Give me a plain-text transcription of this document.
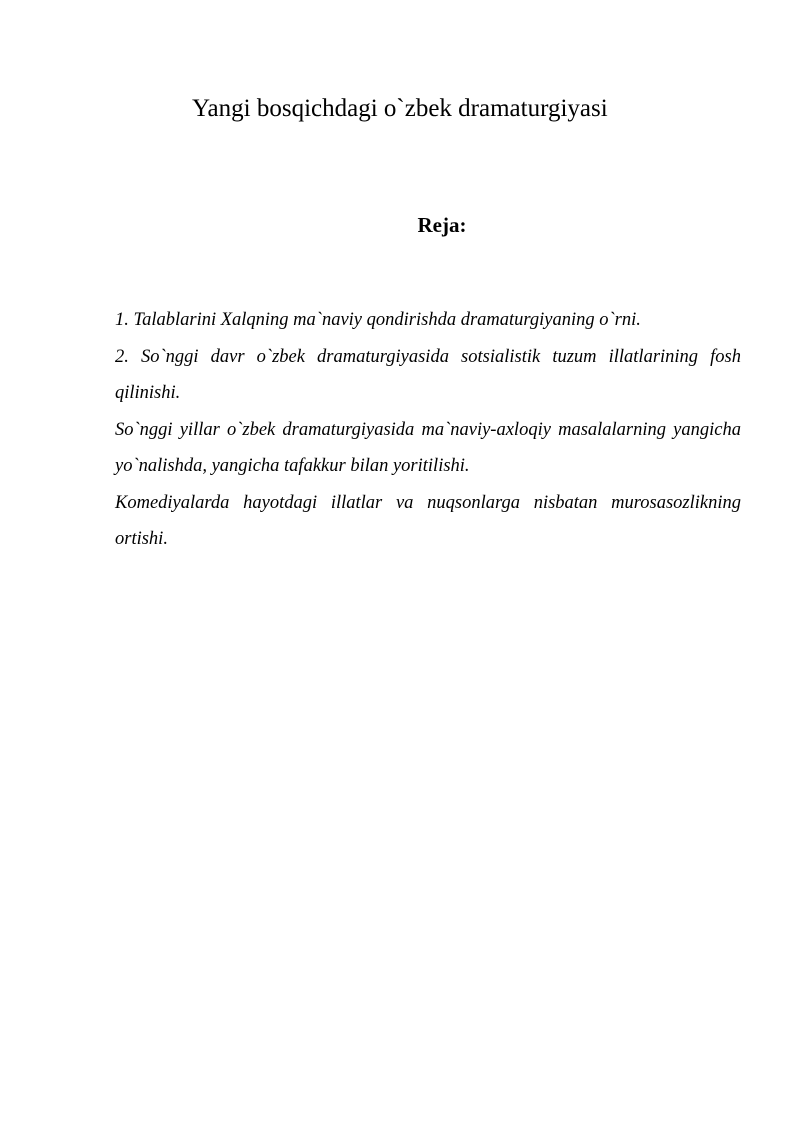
Yangi bosqichdagi o`zbek dramaturgiyasi
Reja:

1. Talablarini Xalqning ma`naviy qondirishda dramaturgiyaning o`rni.

2. So`nggi davr o`zbek dramaturgiyasida sotsialistik tuzum illatlarining fosh qilinishi.

So`nggi yillar o`zbek dramaturgiyasida ma`naviy-axloqiy masalalarning yangicha yo`nalishda, yangicha tafakkur bilan yoritilishi.

Komediyalarda hayotdagi illatlar va nuqsonlarga nisbatan murosasozlikning ortishi.
